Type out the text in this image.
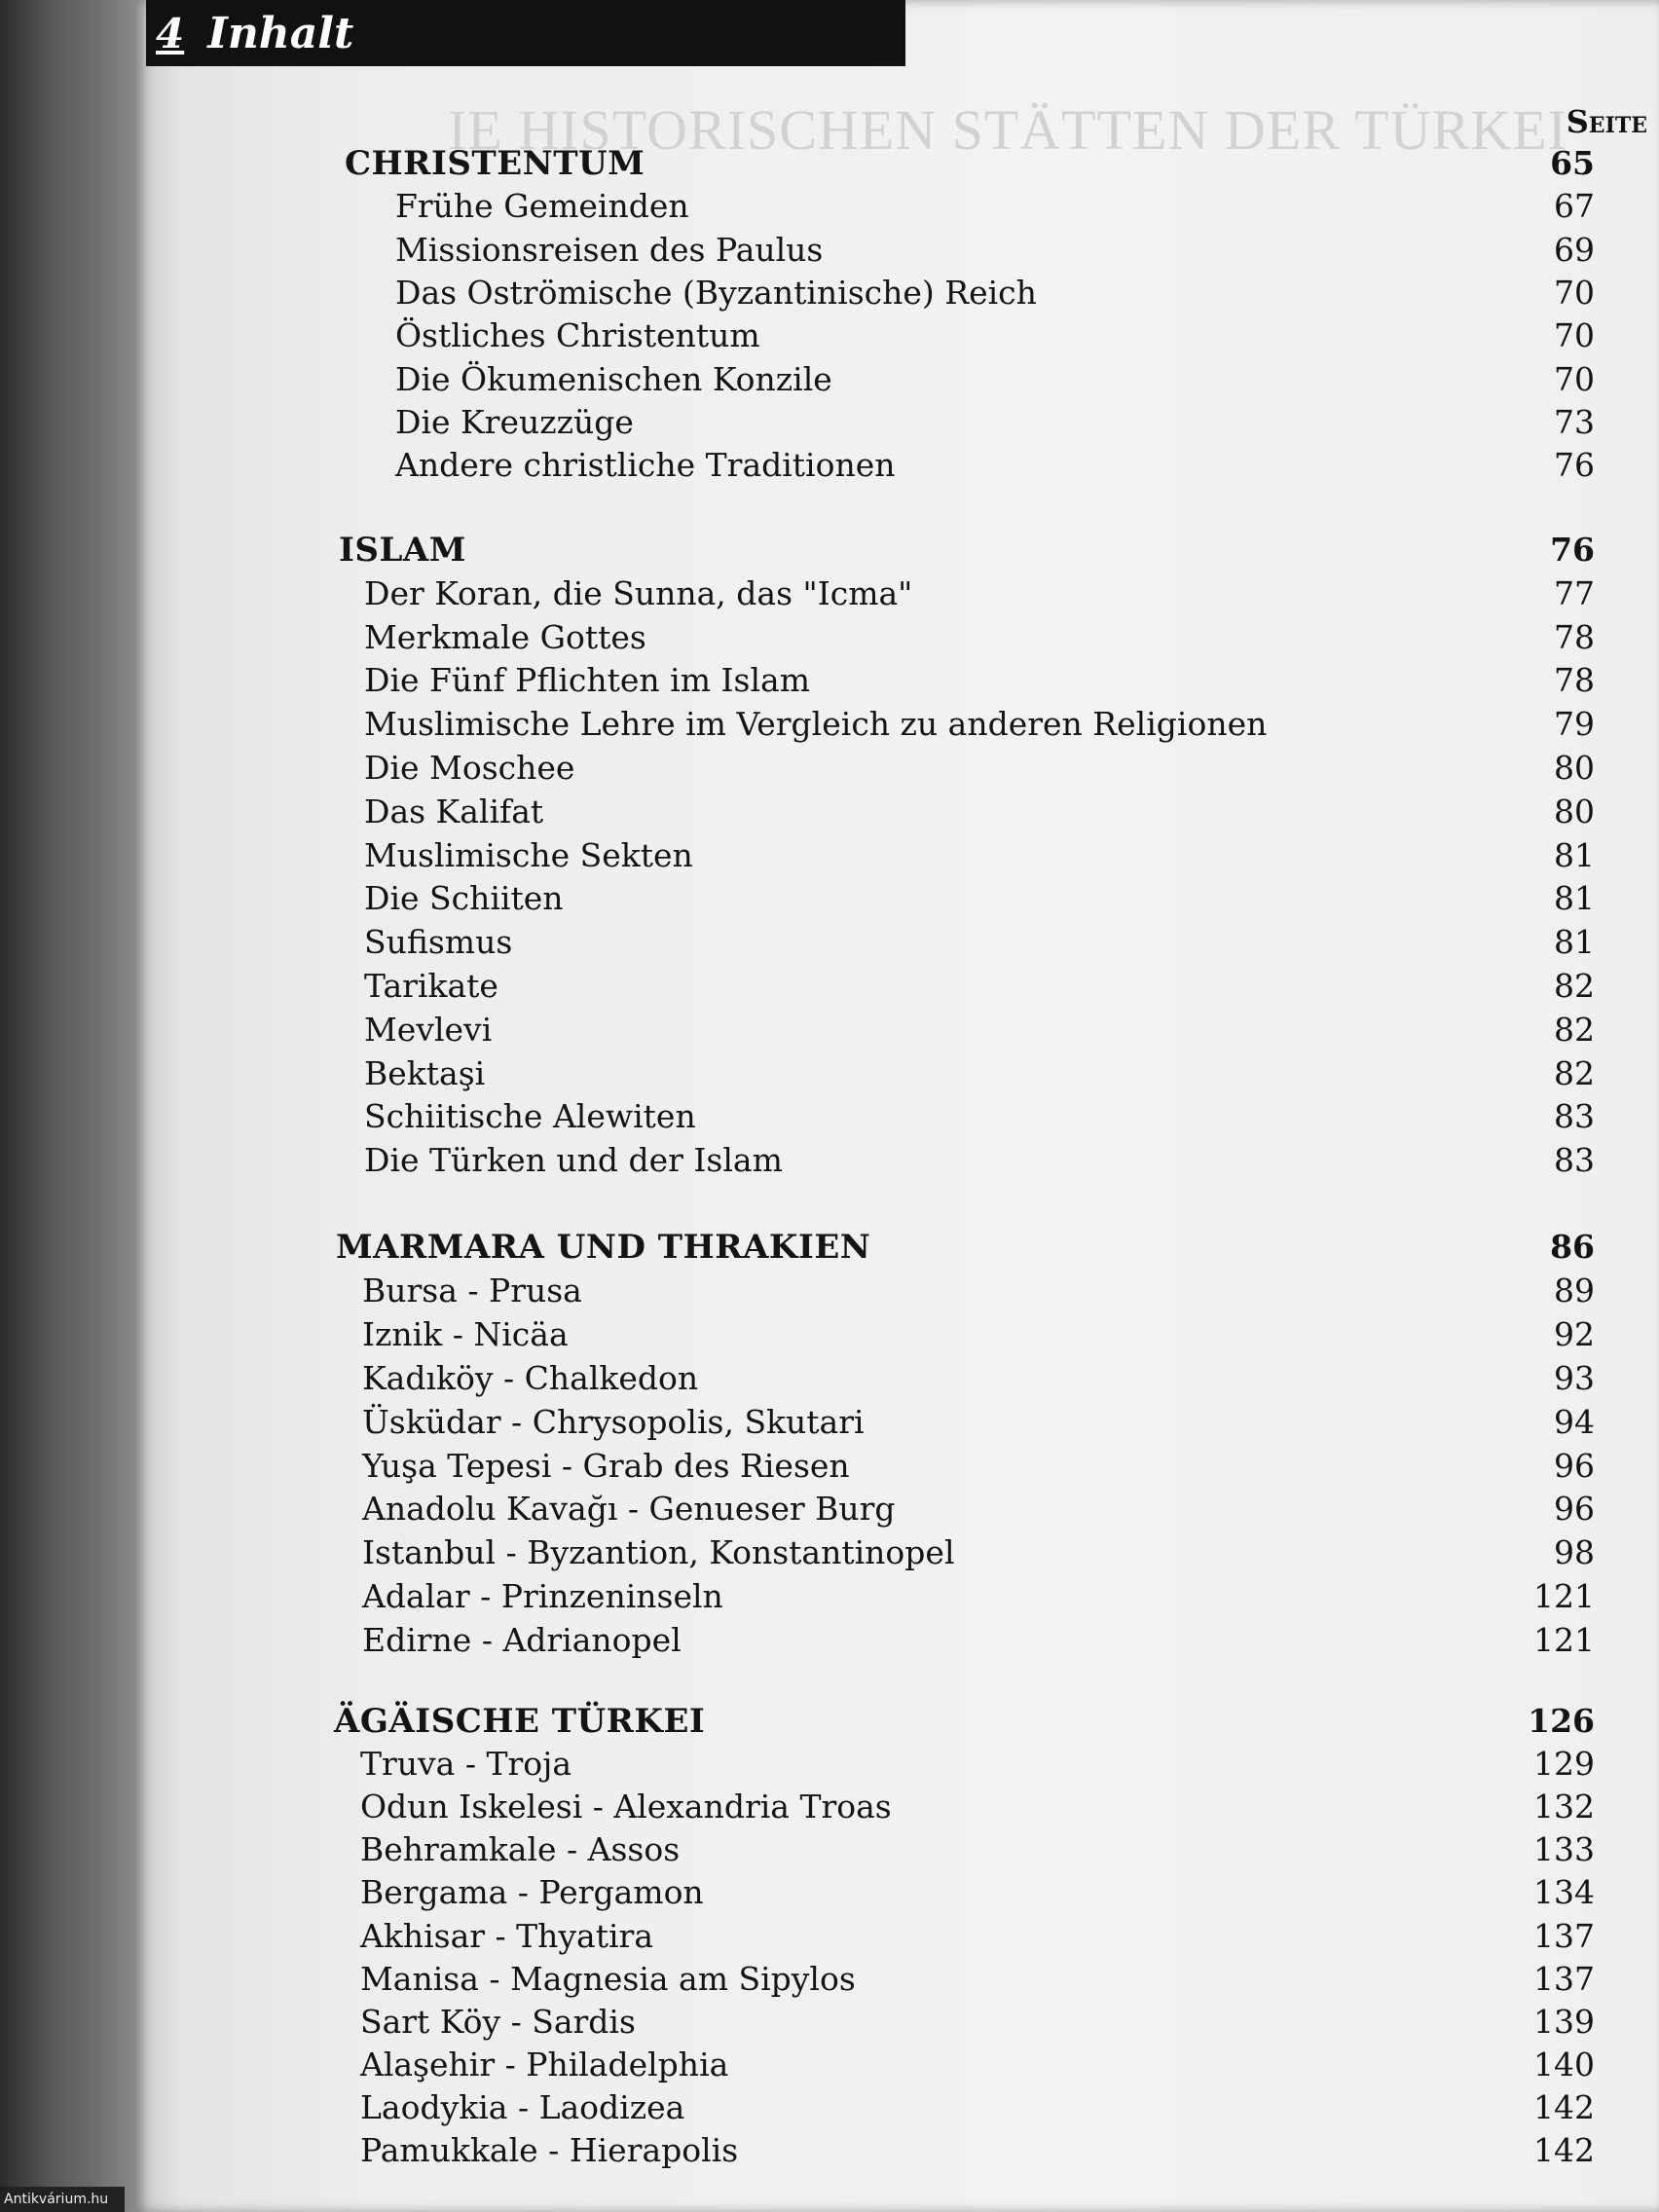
IE HISTORISCHEN STÄTTEN DER TÜRKEI
4 Inhalt
Seite
CHRISTENTUM	65
Frühe Gemeinden	67
Missionsreisen des Paulus	69
Das Oströmische (Byzantinische) Reich	70
Östliches Christentum	70
Die Ökumenischen Konzile	70
Die Kreuzzüge	73
Andere christliche Traditionen	76
ISLAM	76
Der Koran, die Sunna, das "Icma"	77
Merkmale Gottes	78
Die Fünf Pflichten im Islam	78
Muslimische Lehre im Vergleich zu anderen Religionen	79
Die Moschee	80
Das Kalifat	80
Muslimische Sekten	81
Die Schiiten	81
Sufismus	81
Tarikate	82
Mevlevi	82
Bektaşi	82
Schiitische Alewiten	83
Die Türken und der Islam	83
MARMARA UND THRAKIEN	86
Bursa - Prusa	89
Iznik - Nicäa	92
Kadıköy - Chalkedon	93
Üsküdar - Chrysopolis, Skutari	94
Yuşa Tepesi - Grab des Riesen	96
Anadolu Kavağı - Genueser Burg	96
Istanbul - Byzantion, Konstantinopel	98
Adalar - Prinzeninseln	121
Edirne - Adrianopel	121
ÄGÄISCHE TÜRKEI	126
Truva - Troja	129
Odun Iskelesi - Alexandria Troas	132
Behramkale - Assos	133
Bergama - Pergamon	134
Akhisar - Thyatira	137
Manisa - Magnesia am Sipylos	137
Sart Köy - Sardis	139
Alaşehir - Philadelphia	140
Laodykia - Laodizea	142
Pamukkale - Hierapolis	142
Antikvárium.hu
